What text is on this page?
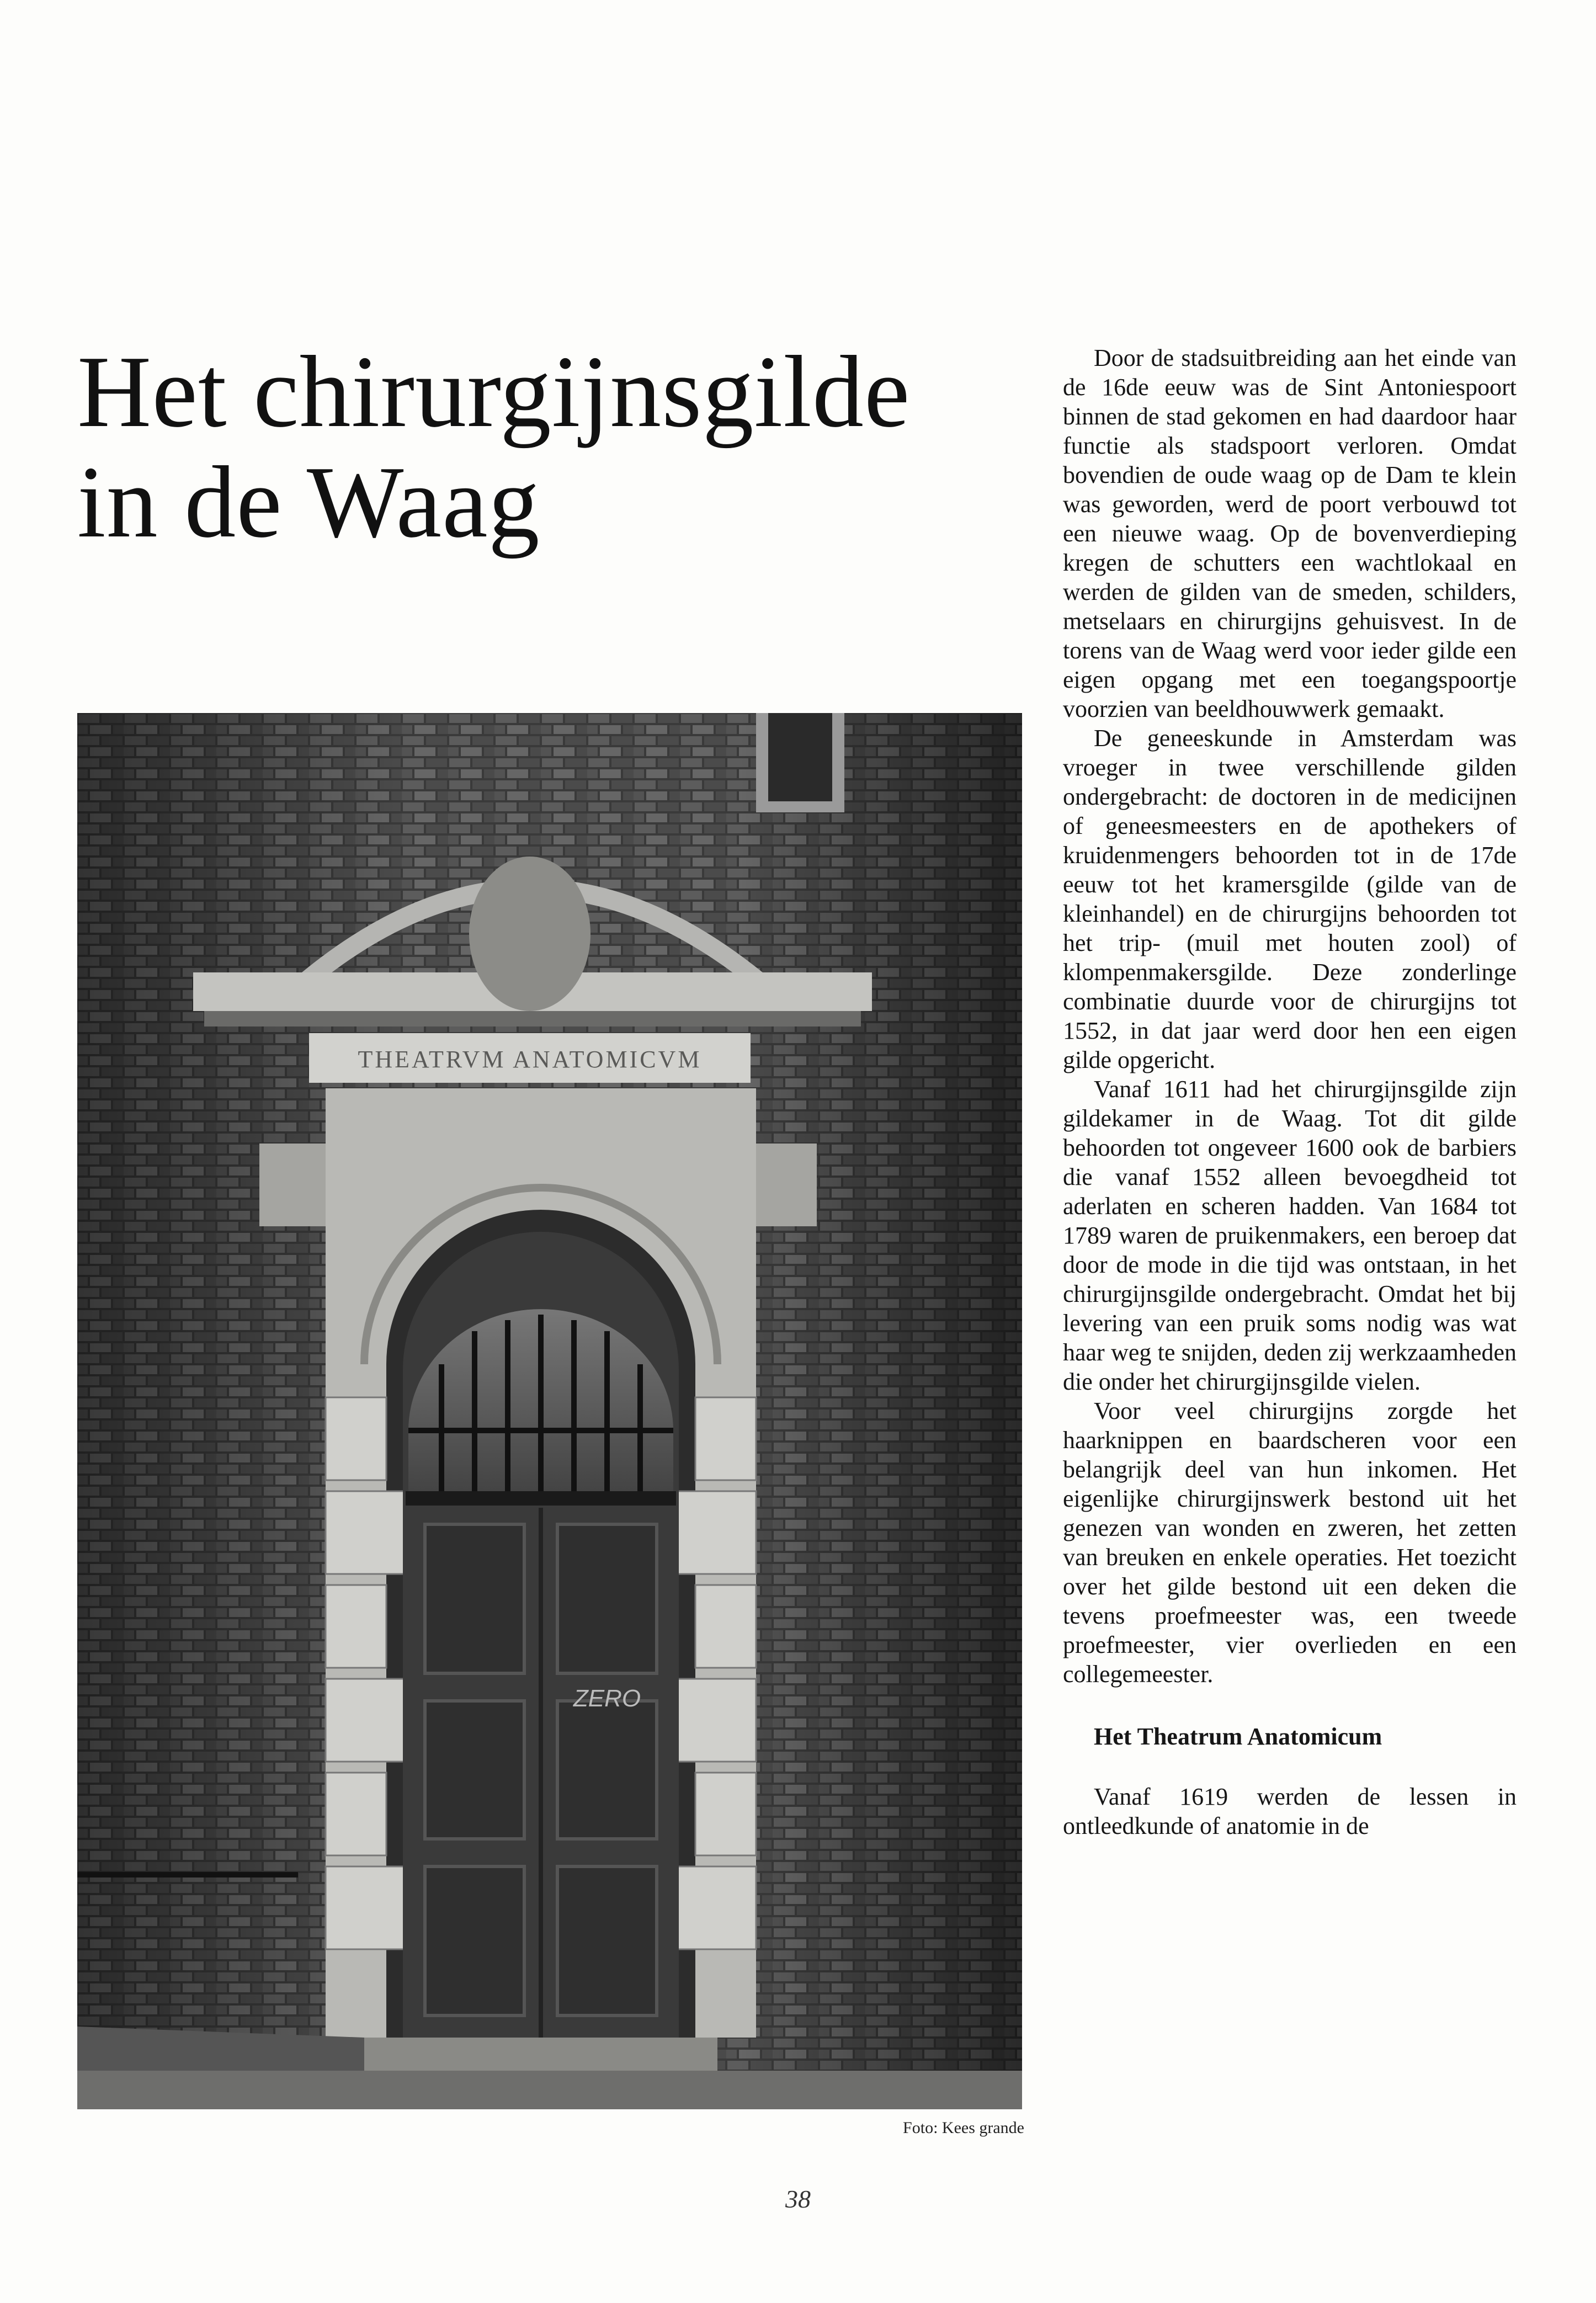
Het chirurgijnsgilde
in de Waag
THEATRVM ANATOMICVM
ZERO
Foto: Kees grande

Door de stadsuitbreiding aan het einde van de 16de eeuw was de Sint Antoniespoort binnen de stad gekomen en had daardoor haar functie als stadspoort verloren. Omdat bovendien de oude waag op de Dam te klein was geworden, werd de poort verbouwd tot een nieuwe waag. Op de bovenverdieping kregen de schutters een wachtlokaal en werden de gilden van de smeden, schilders, metselaars en chirurgijns gehuisvest. In de torens van de Waag werd voor ieder gilde een eigen opgang met een toegangspoortje voorzien van beeldhouwwerk gemaakt.

De geneeskunde in Amsterdam was vroeger in twee verschillende gilden ondergebracht: de doctoren in de medicijnen of geneesmeesters en de apothekers of kruidenmengers behoorden tot in de 17de eeuw tot het kramersgilde (gilde van de kleinhandel) en de chirurgijns behoorden tot het trip- (muil met houten zool) of klompenmakersgilde. Deze zonderlinge combinatie duurde voor de chirurgijns tot 1552, in dat jaar werd door hen een eigen gilde opgericht.

Vanaf 1611 had het chirurgijnsgilde zijn gildekamer in de Waag. Tot dit gilde behoorden tot ongeveer 1600 ook de barbiers die vanaf 1552 alleen bevoegdheid tot aderlaten en scheren hadden. Van 1684 tot 1789 waren de pruikenmakers, een beroep dat door de mode in die tijd was ontstaan, in het chirurgijnsgilde ondergebracht. Omdat het bij levering van een pruik soms nodig was wat haar weg te snijden, deden zij werkzaamheden die onder het chirurgijnsgilde vielen.

Voor veel chirurgijns zorgde het haarknippen en baardscheren voor een belangrijk deel van hun inkomen. Het eigenlijke chirurgijnswerk bestond uit het genezen van wonden en zweren, het zetten van breuken en enkele operaties. Het toezicht over het gilde bestond uit een deken die tevens proefmeester was, een tweede proefmeester, vier overlieden en een collegemeester.

Het Theatrum Anatomicum

Vanaf 1619 werden de lessen in ontleedkunde of anatomie in de

38
